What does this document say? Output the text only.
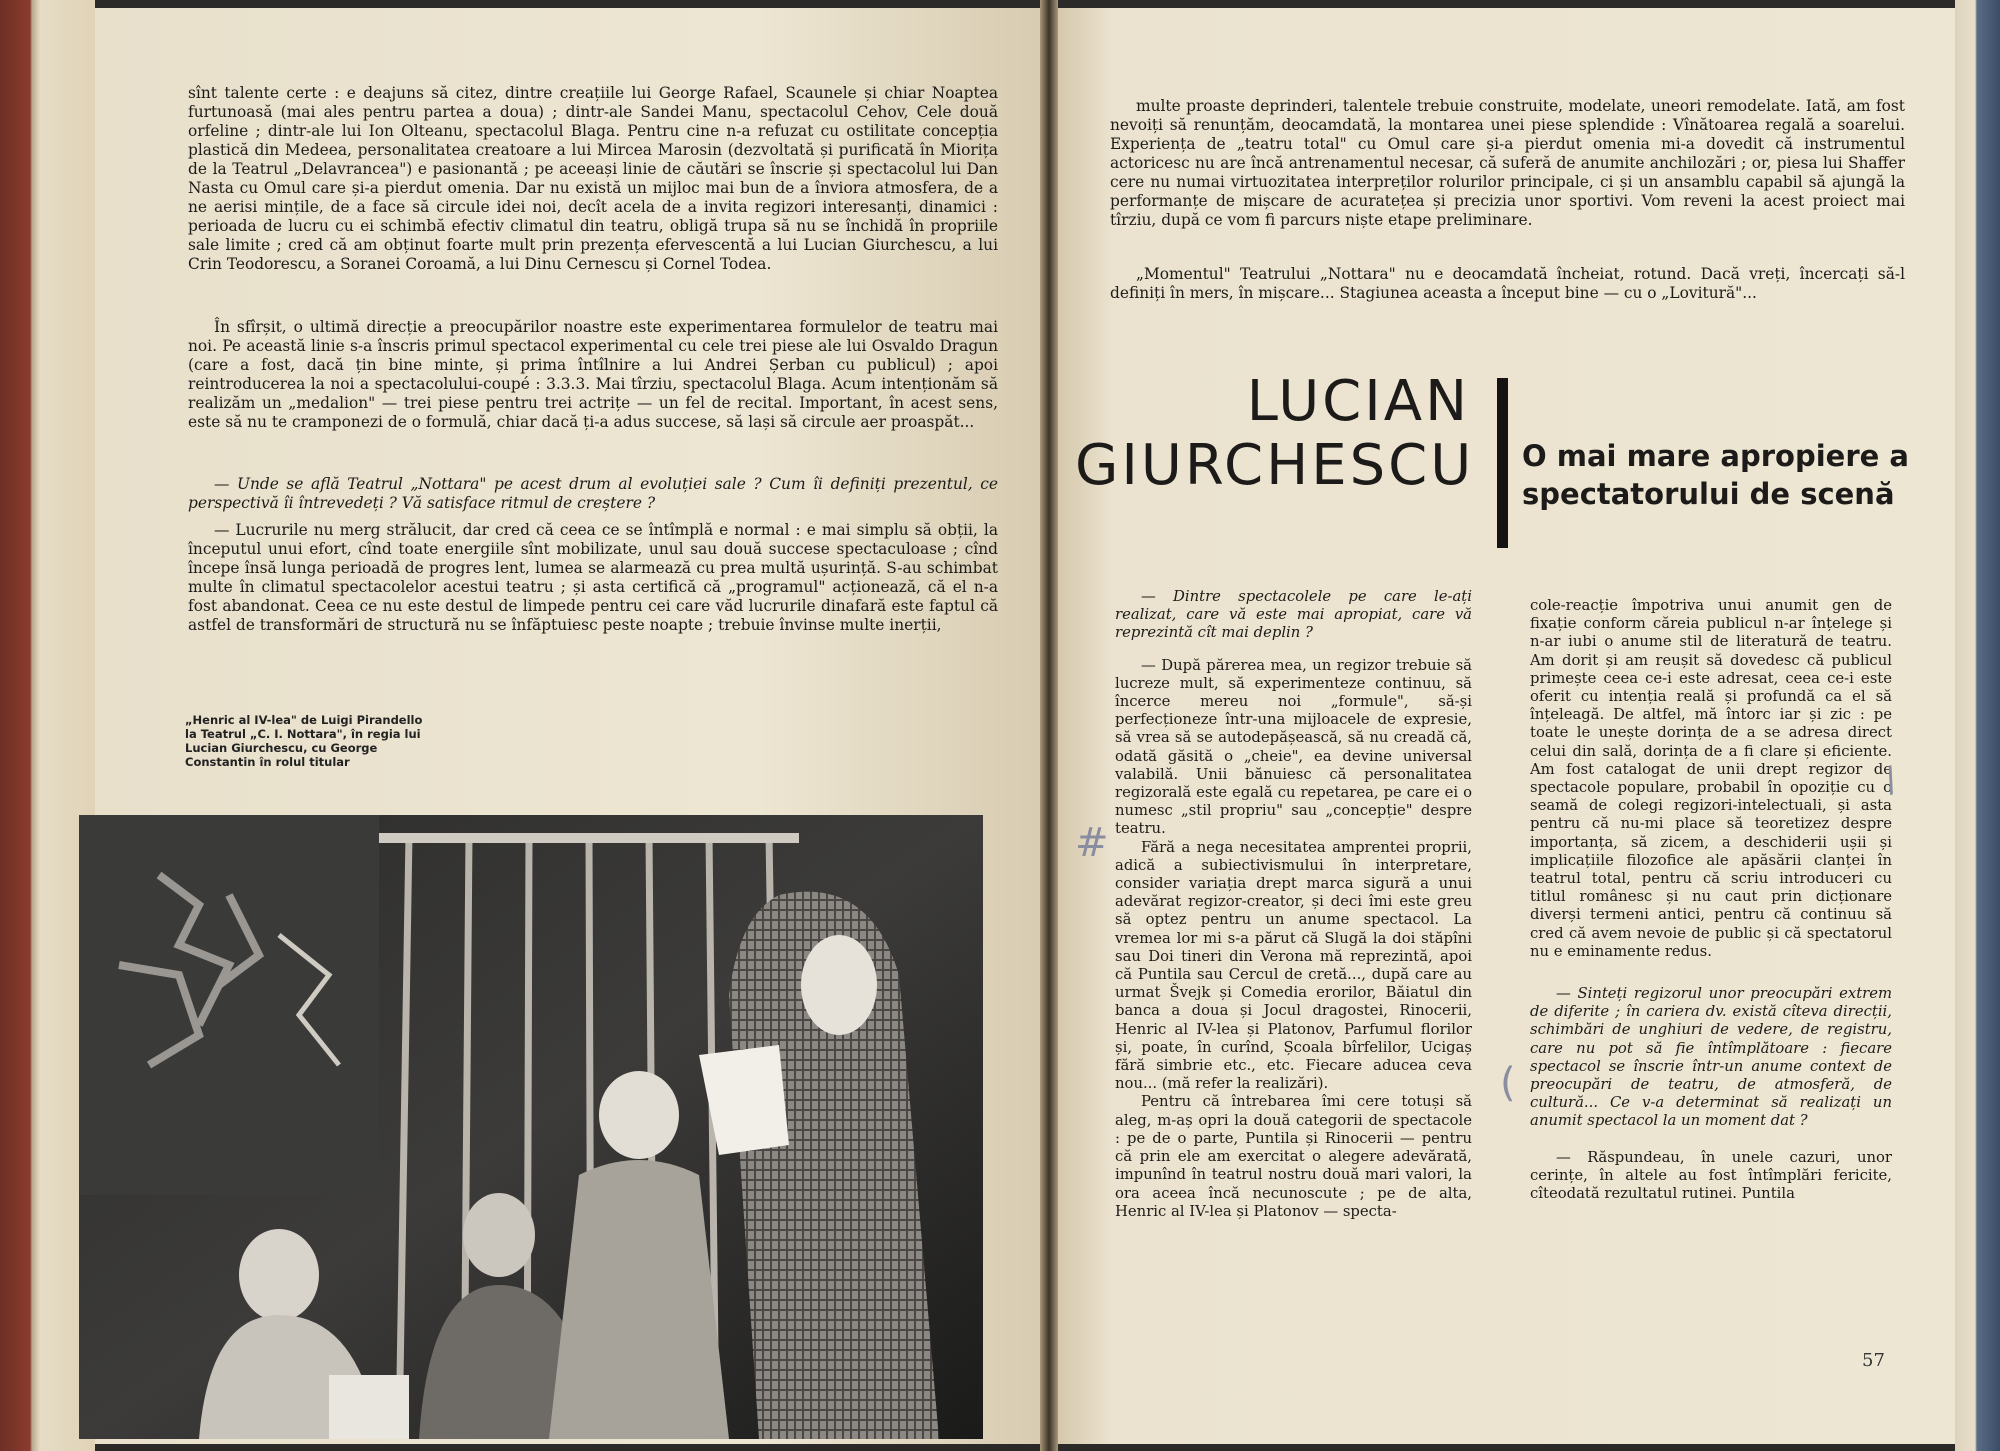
sînt talente certe : e deajuns să citez, dintre creațiile lui George Rafael, Scaunele și chiar Noaptea furtunoasă (mai ales pentru partea a doua) ; dintr-ale Sandei Manu, spectacolul Cehov, Cele două orfeline ; dintr-ale lui Ion Olteanu, spectacolul Blaga. Pentru cine n-a refuzat cu ostilitate concepția plastică din Medeea, personalitatea creatoare a lui Mircea Marosin (dezvoltată și purificată în Miorița de la Teatrul „Delavrancea") e pasionantă ; pe aceeași linie de căutări se înscrie și spectacolul lui Dan Nasta cu Omul care și-a pierdut omenia. Dar nu există un mijloc mai bun de a înviora atmosfera, de a ne aerisi mințile, de a face să circule idei noi, decît acela de a invita regizori interesanți, dinamici : perioada de lucru cu ei schimbă efectiv climatul din teatru, obligă trupa să nu se închidă în propriile sale limite ; cred că am obținut foarte mult prin prezența efervescentă a lui Lucian Giurchescu, a lui Crin Teodorescu, a Soranei Coroamă, a lui Dinu Cernescu și Cornel Todea.

În sfîrșit, o ultimă direcție a preocupărilor noastre este experimentarea formulelor de teatru mai noi. Pe această linie s-a înscris primul spectacol experimental cu cele trei piese ale lui Osvaldo Dragun (care a fost, dacă țin bine minte, și prima întîlnire a lui Andrei Șerban cu publicul) ; apoi reintroducerea la noi a spectacolului-coupé : 3.3.3. Mai tîrziu, spectacolul Blaga. Acum intenționăm să realizăm un „medalion" — trei piese pentru trei actrițe — un fel de recital. Important, în acest sens, este să nu te cramponezi de o formulă, chiar dacă ți-a adus succese, să lași să circule aer proaspăt...

— Unde se află Teatrul „Nottara" pe acest drum al evoluției sale ? Cum îi definiți prezentul, ce perspectivă îi întrevedeți ? Vă satisface ritmul de creștere ?

— Lucrurile nu merg strălucit, dar cred că ceea ce se întîmplă e normal : e mai simplu să obții, la începutul unui efort, cînd toate energiile sînt mobilizate, unul sau două succese spectaculoase ; cînd începe însă lunga perioadă de progres lent, lumea se alarmează cu prea multă ușurință. S-au schimbat multe în climatul spectacolelor acestui teatru ; și asta certifică că „programul" acționează, că el n-a fost abandonat. Ceea ce nu este destul de limpede pentru cei care văd lucrurile dinafară este faptul că astfel de transformări de structură nu se înfăptuiesc peste noapte ; trebuie învinse multe inerții,

„Henric al IV-lea" de Luigi Pirandello la Teatrul „C. I. Nottara", în regia lui Lucian Giurchescu, cu George Constantin în rolul titular

multe proaste deprinderi, talentele trebuie construite, modelate, uneori remodelate. Iată, am fost nevoiți să renunțăm, deocamdată, la montarea unei piese splendide : Vînătoarea regală a soarelui. Experiența de „teatru total" cu Omul care și-a pierdut omenia mi-a dovedit că instrumentul actoricesc nu are încă antrenamentul necesar, că suferă de anumite anchilozări ; or, piesa lui Shaffer cere nu numai virtuozitatea interpreților rolurilor principale, ci și un ansamblu capabil să ajungă la performanțe de mișcare de acuratețea și precizia unor sportivi. Vom reveni la acest proiect mai tîrziu, după ce vom fi parcurs niște etape preliminare.

„Momentul" Teatrului „Nottara" nu e deocamdată încheiat, rotund. Dacă vreți, încercați să-l definiți în mers, în mișcare... Stagiunea aceasta a început bine — cu o „Lovitură"...

LUCIAN
GIURCHESCU O mai mare apropiere a spectatorului de scenă

— Dintre spectacolele pe care le-ați realizat, care vă este mai apropiat, care vă reprezintă cît mai deplin ?

— După părerea mea, un regizor trebuie să lucreze mult, să experimenteze continuu, să încerce mereu noi „formule", să-și perfecționeze într-una mijloacele de expresie, să vrea să se autodepășească, să nu creadă că, odată găsită o „cheie", ea devine universal valabilă. Unii bănuiesc că personalitatea regizorală este egală cu repetarea, pe care ei o numesc „stil propriu" sau „concepție" despre teatru.

Fără a nega necesitatea amprentei proprii, adică a subiectivismului în interpretare, consider variația drept marca sigură a unui adevărat regizor-creator, și deci îmi este greu să optez pentru un anume spectacol. La vremea lor mi s-a părut că Slugă la doi stăpîni sau Doi tineri din Verona mă reprezintă, apoi că Puntila sau Cercul de cretă..., după care au urmat Švejk și Comedia erorilor, Băiatul din banca a doua și Jocul dragostei, Rinocerii, Henric al IV-lea și Platonov, Parfumul florilor și, poate, în curînd, Școala bîrfelilor, Ucigaș fără simbrie etc., etc. Fiecare aducea ceva nou... (mă refer la realizări).

Pentru că întrebarea îmi cere totuși să aleg, m-aș opri la două categorii de spectacole : pe de o parte, Puntila și Rinocerii — pentru că prin ele am exercitat o alegere adevărată, impunînd în teatrul nostru două mari valori, la ora aceea încă necunoscute ; pe de alta, Henric al IV-lea și Platonov — specta-

cole-reacție împotriva unui anumit gen de fixație conform căreia publicul n-ar înțelege și n-ar iubi o anume stil de literatură de teatru. Am dorit și am reușit să dovedesc că publicul primește ceea ce-i este adresat, ceea ce-i este oferit cu intenția reală și profundă ca el să înțeleagă. De altfel, mă întorc iar și zic : pe toate le unește dorința de a se adresa direct celui din sală, dorința de a fi clare și eficiente. Am fost catalogat de unii drept regizor de spectacole populare, probabil în opoziție cu o seamă de colegi regizori-intelectuali, și asta pentru că nu-mi place să teoretizez despre importanța, să zicem, a deschiderii ușii și implicațiile filozofice ale apăsării clanței în teatrul total, pentru că scriu introduceri cu titlul românesc și nu caut prin dicționare diverși termeni antici, pentru că continuu să cred că avem nevoie de public și că spectatorul nu e eminamente redus.

— Sinteți regizorul unor preocupări extrem de diferite ; în cariera dv. există cîteva direcții, schimbări de unghiuri de vedere, de registru, care nu pot să fie întîmplătoare : fiecare spectacol se înscrie într-un anume context de preocupări de teatru, de atmosferă, de cultură... Ce v-a determinat să realizați un anumit spectacol la un moment dat ?

— Răspundeau, în unele cazuri, unor cerințe, în altele au fost întîmplări fericite, cîteodată rezultatul rutinei. Puntila

57
/
#
(
